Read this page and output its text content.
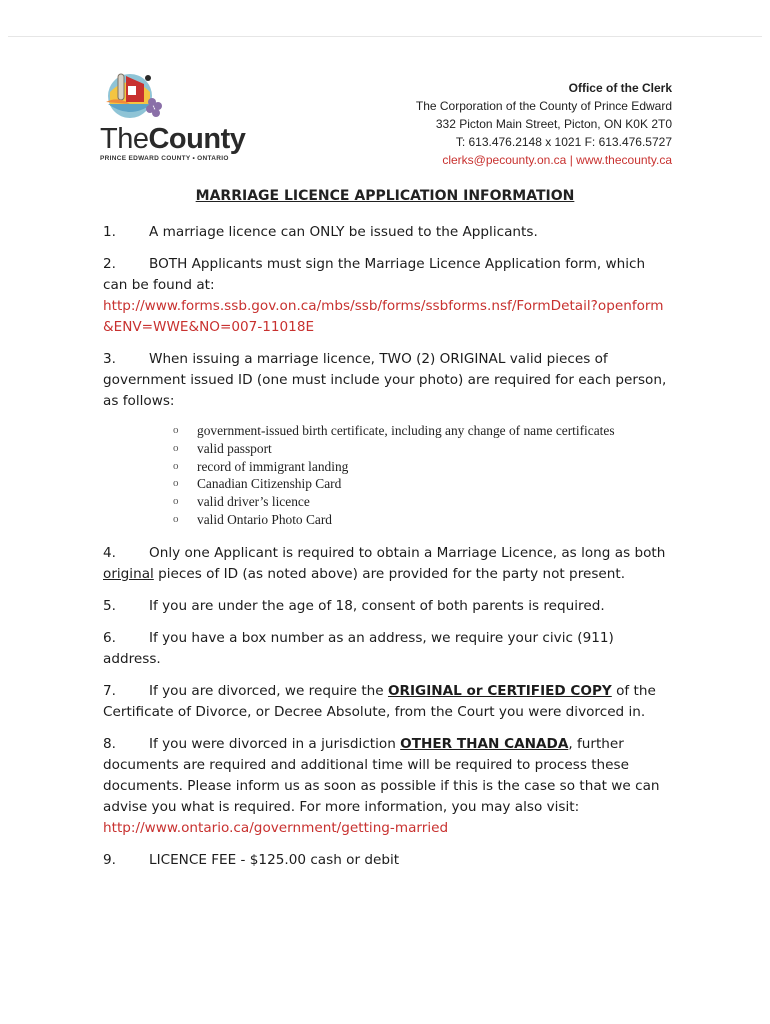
TheCounty
PRINCE EDWARD COUNTY • ONTARIO
Office of the Clerk
The Corporation of the County of Prince Edward
332 Picton Main Street, Picton, ON K0K 2T0
T: 613.476.2148 x 1021 F: 613.476.5727
clerks@pecounty.on.ca | www.thecounty.ca
MARRIAGE LICENCE APPLICATION INFORMATION

1. A marriage licence can ONLY be issued to the Applicants.

2. BOTH Applicants must sign the Marriage Licence Application form, which can be found at:
http://www.forms.ssb.gov.on.ca/mbs/ssb/forms/ssbforms.nsf/FormDetail?openform&ENV=WWE&NO=007-11018E

3. When issuing a marriage licence, TWO (2) ORIGINAL valid pieces of government issued ID (one must include your photo) are required for each person, as follows:
o government-issued birth certificate, including any change of name certificates
o valid passport
o record of immigrant landing
o Canadian Citizenship Card
o valid driver’s licence
o valid Ontario Photo Card

4. Only one Applicant is required to obtain a Marriage Licence, as long as both original pieces of ID (as noted above) are provided for the party not present.

5. If you are under the age of 18, consent of both parents is required.

6. If you have a box number as an address, we require your civic (911) address.

7. If you are divorced, we require the ORIGINAL or CERTIFIED COPY of the Certificate of Divorce, or Decree Absolute, from the Court you were divorced in.

8. If you were divorced in a jurisdiction OTHER THAN CANADA, further documents are required and additional time will be required to process these documents. Please inform us as soon as possible if this is the case so that we can advise you what is required. For more information, you may also visit:
http://www.ontario.ca/government/getting-married

9. LICENCE FEE - $125.00 cash or debit
